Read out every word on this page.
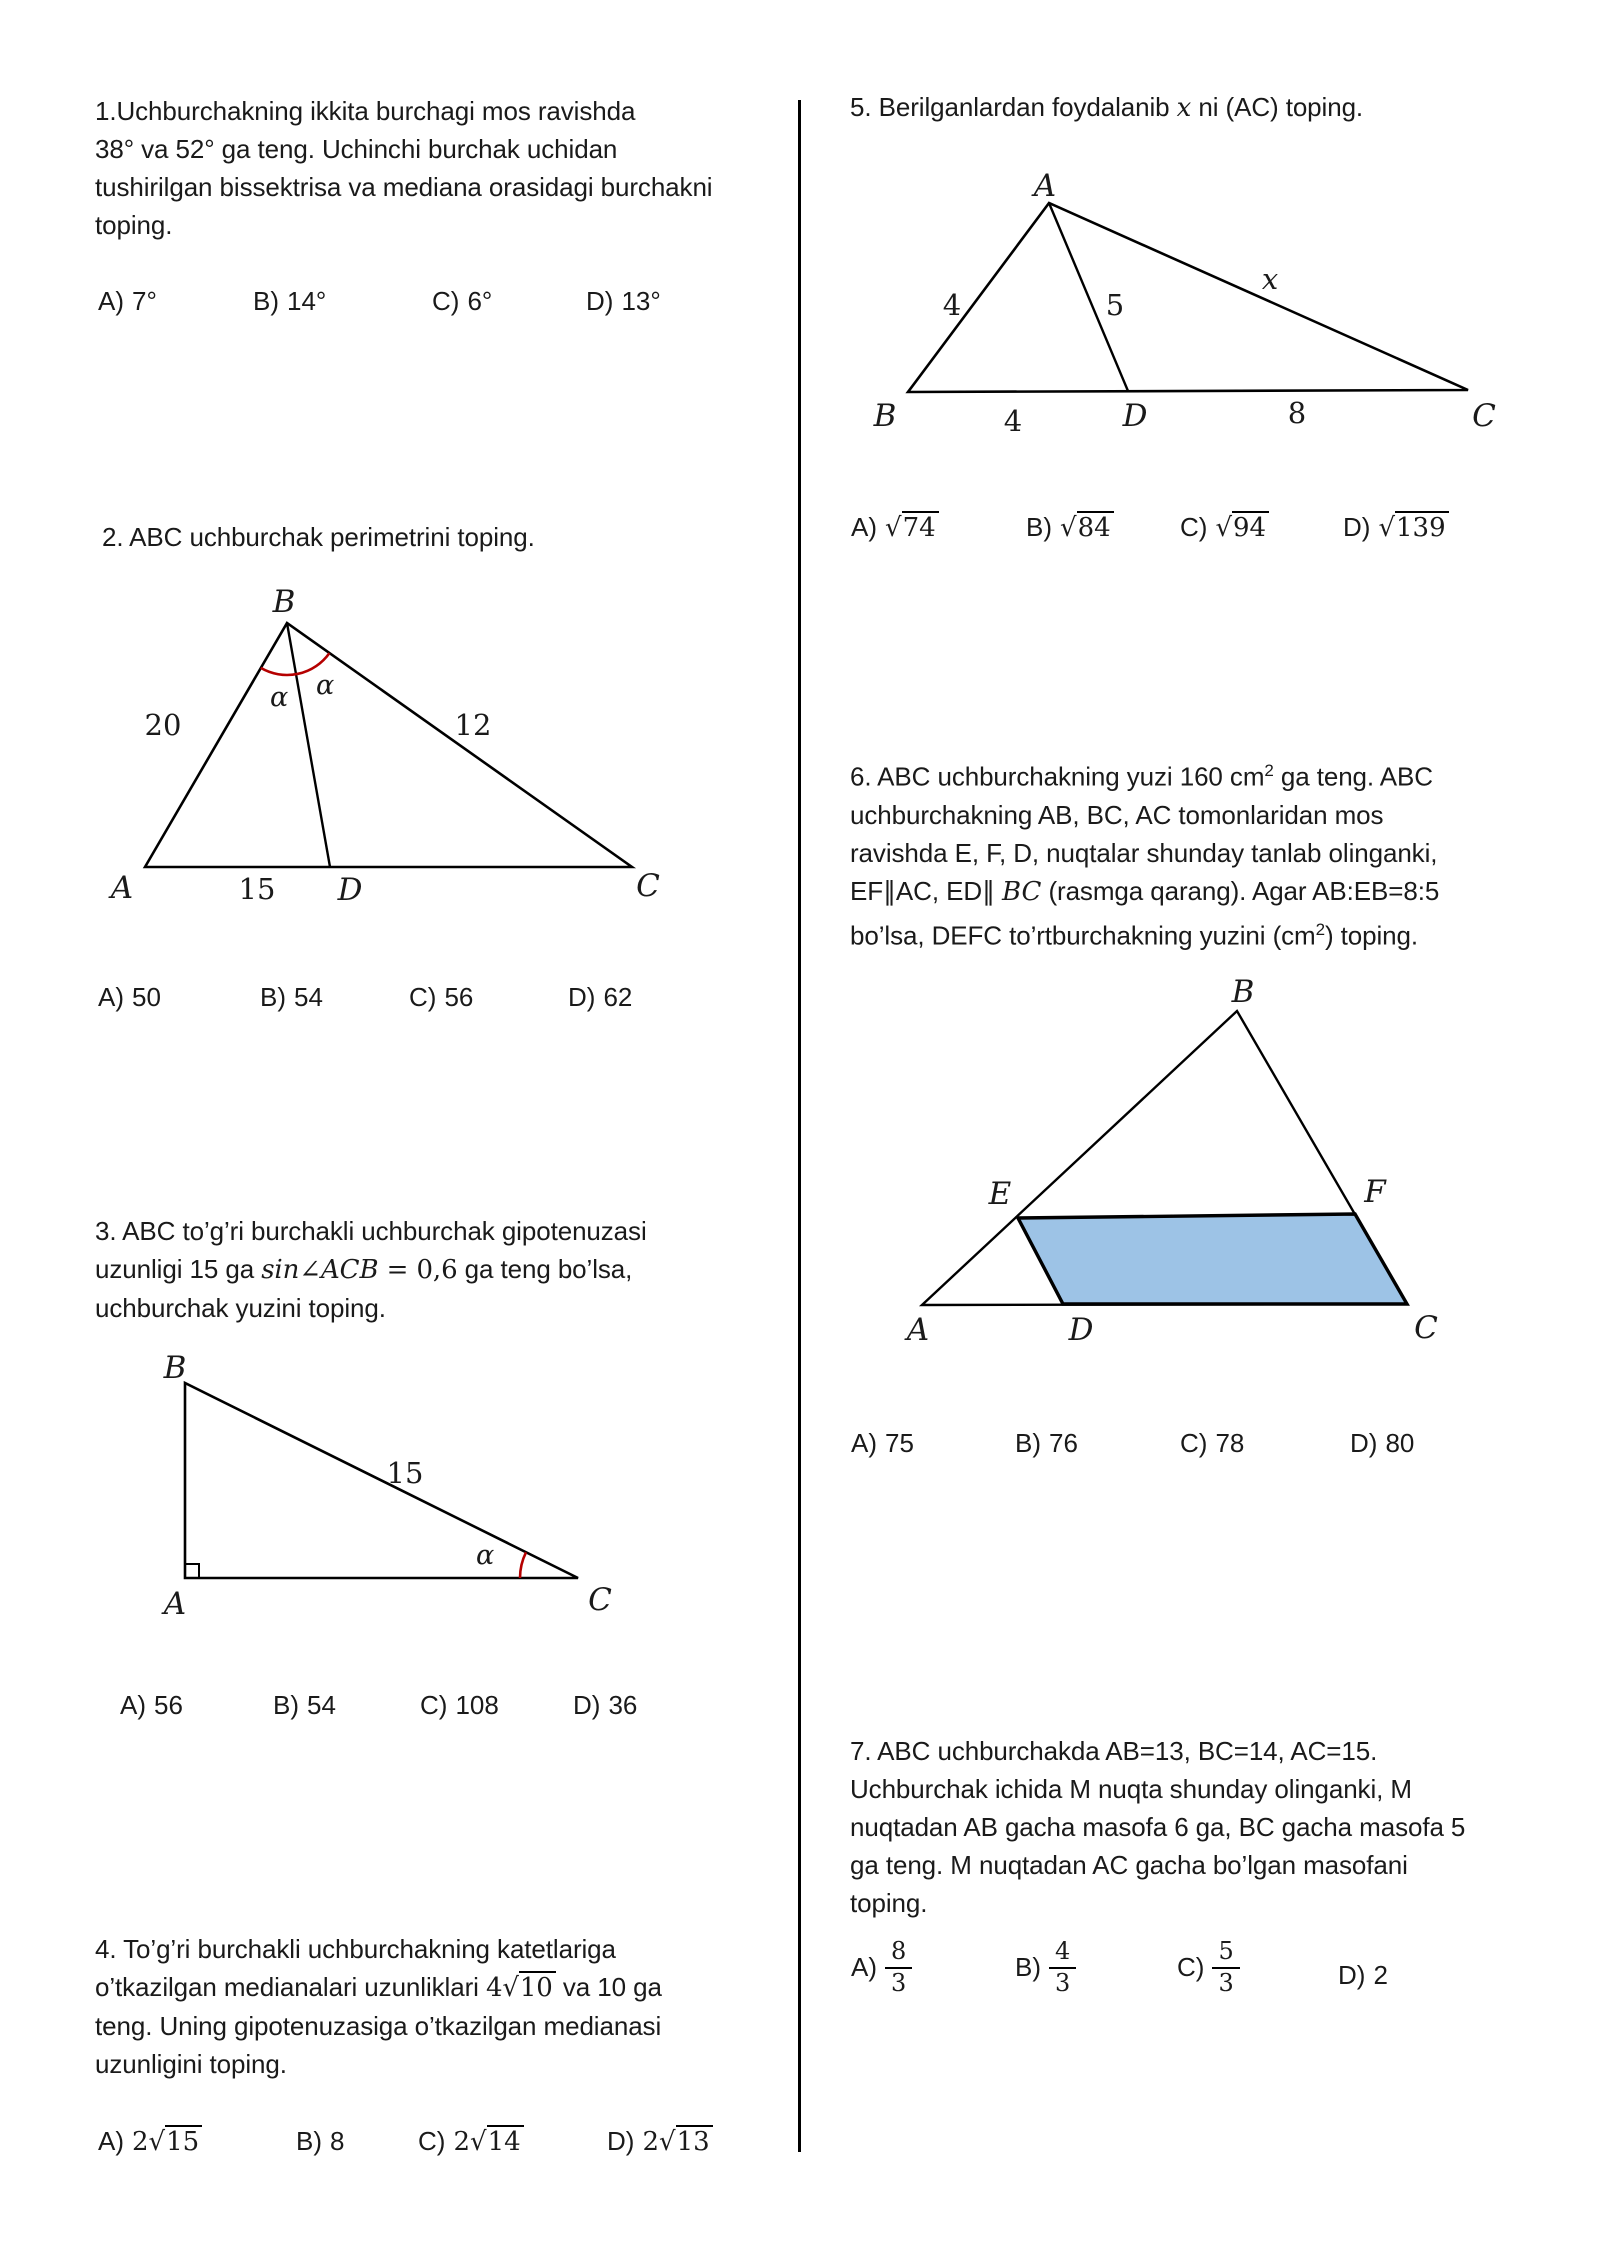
1.Uchburchakning ikkita burchagi mos ravishda
38° va 52° ga teng. Uchinchi burchak uchidan
tushirilgan bissektrisa va mediana orasidagi burchakni
toping.
A) 7°	B) 14°	C) 6°	D) 13°
2. ABC uchburchak perimetrini toping.
B
20	12
α α
A	15 D	C
A) 50	B) 54	C) 56	D) 62
3. ABC to’g’ri burchakli uchburchak gipotenuzasi
uzunligi 15 ga sin∠ACB = 0,6 ga teng bo’lsa,
uchburchak yuzini toping.
B
15
α
A	C
A) 56	B) 54	C) 108	D) 36
4. To’g’ri burchakli uchburchakning katetlariga
o’tkazilgan medianalari uzunliklari 4√10 va 10 ga
teng. Uning gipotenuzasiga o’tkazilgan medianasi
uzunligini toping.
A) 2√15	B) 8	C) 2√14	D) 2√13
5. Berilganlardan foydalanib x ni (AC) toping.
A
4	5
x
B	4	D	8	C
A) √74	B) √84	C) √94	D) √139
6. ABC uchburchakning yuzi 160 $cm^2$ ga teng. ABC
uchburchakning AB, BC, AC tomonlaridan mos
ravishda E, F, D, nuqtalar shunday tanlab olinganki,
EF∥AC, ED∥ BC (rasmga qarang). Agar AB:EB=8:5
bo’lsa, DEFC to’rtburchakning yuzini $(cm^2)$ toping.
B
E	F
A	D	C
A) 75	B) 76	C) 78	D) 80
7. ABC uchburchakda AB=13, BC=14, AC=15.
Uchburchak ichida M nuqta shunday olinganki, M
nuqtadan AB gacha masofa 6 ga, BC gacha masofa 5
ga teng. M nuqtadan AC gacha bo’lgan masofani
toping.
$A) \frac{8}{3}$	$B) \frac{4}{3}$	$C) \frac{5}{3}$	D) 2
